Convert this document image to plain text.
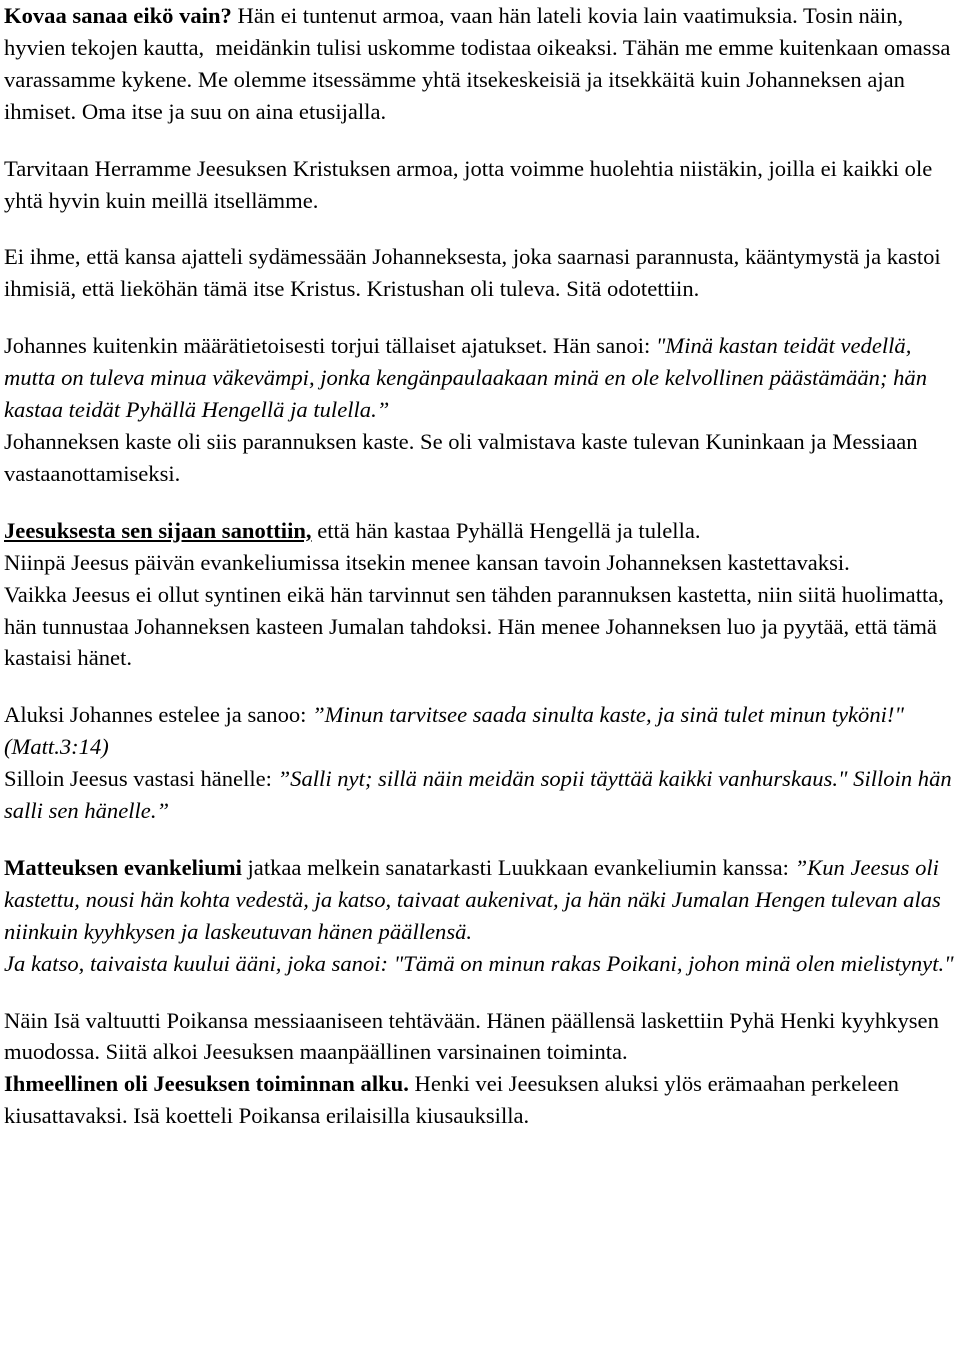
Kovaa sanaa eikö vain? Hän ei tuntenut armoa, vaan hän lateli kovia lain vaatimuksia. Tosin näin, hyvien tekojen kautta,  meidänkin tulisi uskomme todistaa oikeaksi. Tähän me emme kuitenkaan omassa varassamme kykene. Me olemme itsessämme yhtä itsekeskeisiä ja itsekkäitä kuin Johanneksen ajan ihmiset. Oma itse ja suu on aina etusijalla.

Tarvitaan Herramme Jeesuksen Kristuksen armoa, jotta voimme huolehtia niistäkin, joilla ei kaikki ole yhtä hyvin kuin meillä itsellämme.

Ei ihme, että kansa ajatteli sydämessään Johanneksesta, joka saarnasi parannusta, kääntymystä ja kastoi ihmisiä, että lieköhän tämä itse Kristus. Kristushan oli tuleva. Sitä odotettiin.

Johannes kuitenkin määrätietoisesti torjui tällaiset ajatukset. Hän sanoi: "Minä kastan teidät vedellä, mutta on tuleva minua väkevämpi, jonka kengänpaulaakaan minä en ole kelvollinen päästämään; hän kastaa teidät Pyhällä Hengellä ja tulella.”

Johanneksen kaste oli siis parannuksen kaste. Se oli valmistava kaste tulevan Kuninkaan ja Messiaan vastaanottamiseksi.

Jeesuksesta sen sijaan sanottiin, että hän kastaa Pyhällä Hengellä ja tulella.

Niinpä Jeesus päivän evankeliumissa itsekin menee kansan tavoin Johanneksen kastettavaksi.

Vaikka Jeesus ei ollut syntinen eikä hän tarvinnut sen tähden parannuksen kastetta, niin siitä huolimatta, hän tunnustaa Johanneksen kasteen Jumalan tahdoksi. Hän menee Johanneksen luo ja pyytää, että tämä kastaisi hänet.

Aluksi Johannes estelee ja sanoo: ”Minun tarvitsee saada sinulta kaste, ja sinä tulet minun tyköni!" (Matt.3:14)

Silloin Jeesus vastasi hänelle: ”Salli nyt; sillä näin meidän sopii täyttää kaikki vanhurskaus." Silloin hän salli sen hänelle.”

Matteuksen evankeliumi jatkaa melkein sanatarkasti Luukkaan evankeliumin kanssa: ”Kun Jeesus oli kastettu, nousi hän kohta vedestä, ja katso, taivaat aukenivat, ja hän näki Jumalan Hengen tulevan alas niinkuin kyyhkysen ja laskeutuvan hänen päällensä.

Ja katso, taivaista kuului ääni, joka sanoi: "Tämä on minun rakas Poikani, johon minä olen mielistynyt."

Näin Isä valtuutti Poikansa messiaaniseen tehtävään. Hänen päällensä laskettiin Pyhä Henki kyyhkysen muodossa. Siitä alkoi Jeesuksen maanpäällinen varsinainen toiminta.

Ihmeellinen oli Jeesuksen toiminnan alku. Henki vei Jeesuksen aluksi ylös erämaahan perkeleen kiusattavaksi. Isä koetteli Poikansa erilaisilla kiusauksilla.
